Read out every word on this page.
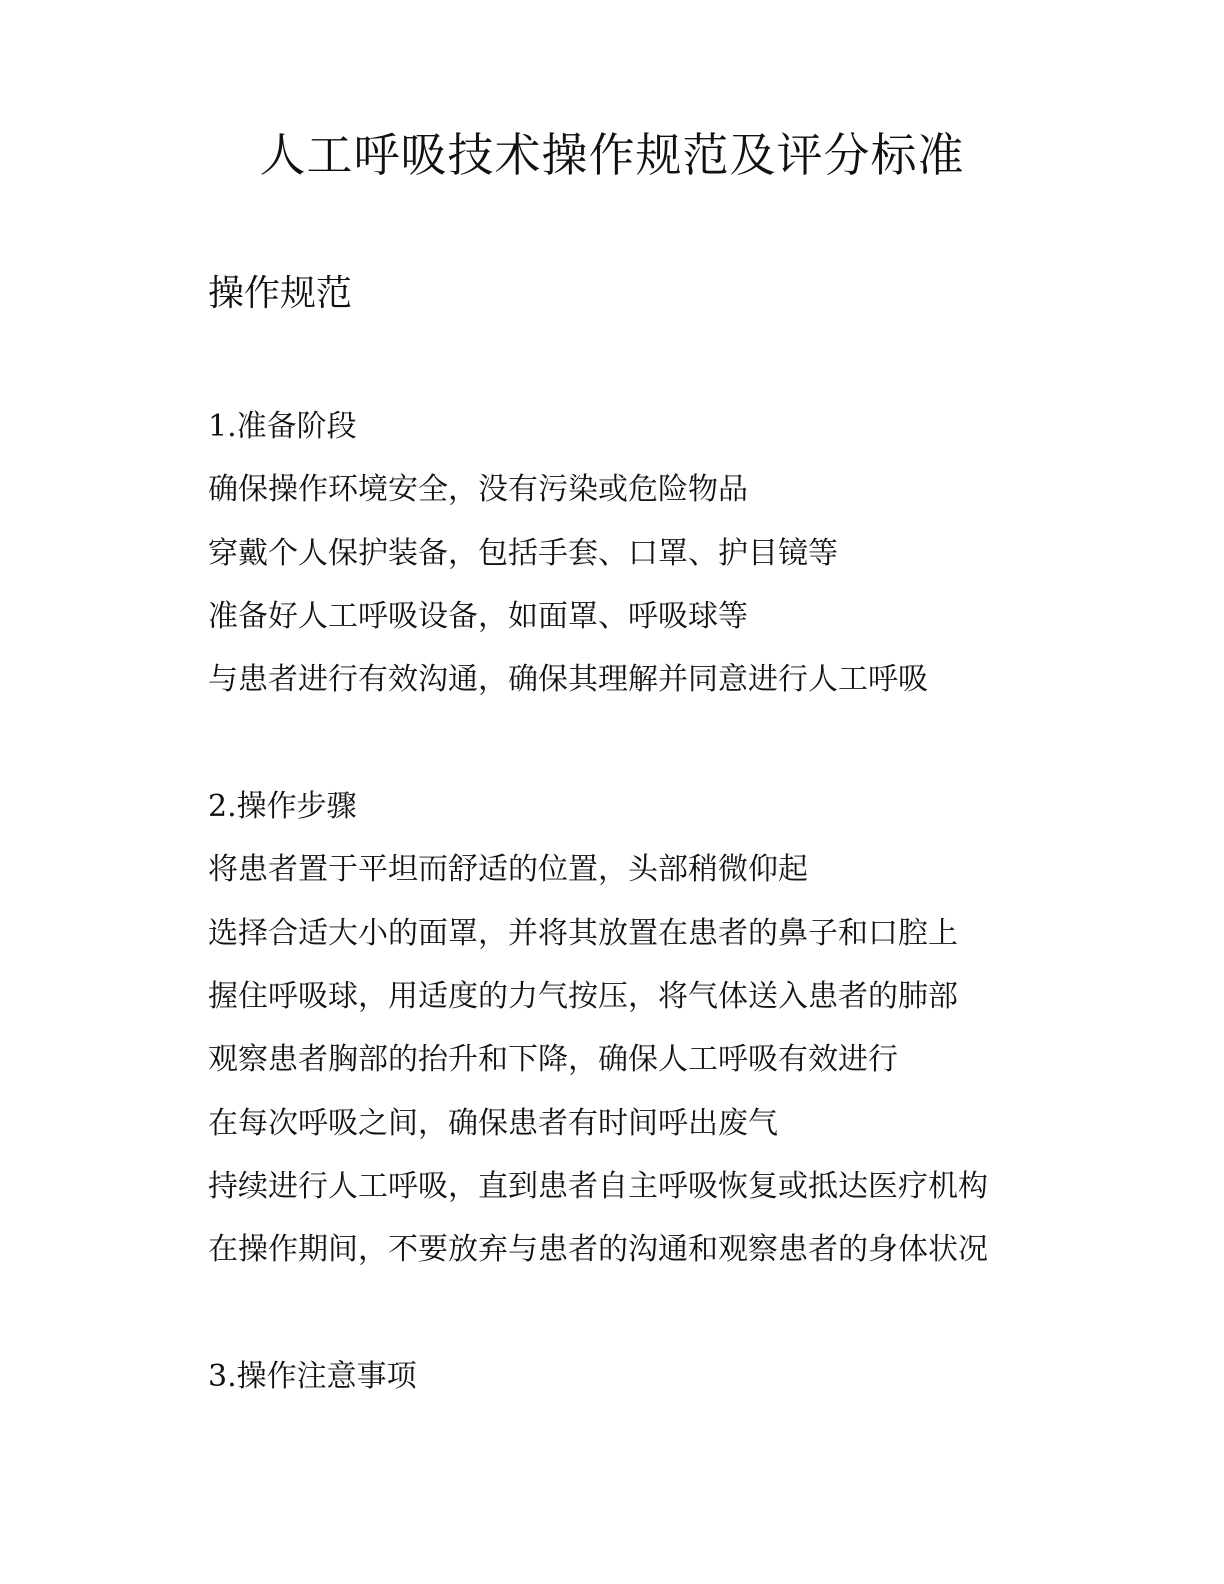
人工呼吸技术操作规范及评分标准
操作规范

1.准备阶段

确保操作环境安全，没有污染或危险物品

穿戴个人保护装备，包括手套、口罩、护目镜等

准备好人工呼吸设备，如面罩、呼吸球等

与患者进行有效沟通，确保其理解并同意进行人工呼吸

2.操作步骤

将患者置于平坦而舒适的位置，头部稍微仰起

选择合适大小的面罩，并将其放置在患者的鼻子和口腔上

握住呼吸球，用适度的力气按压，将气体送入患者的肺部

观察患者胸部的抬升和下降，确保人工呼吸有效进行

在每次呼吸之间，确保患者有时间呼出废气

持续进行人工呼吸，直到患者自主呼吸恢复或抵达医疗机构

在操作期间，不要放弃与患者的沟通和观察患者的身体状况

3.操作注意事项
